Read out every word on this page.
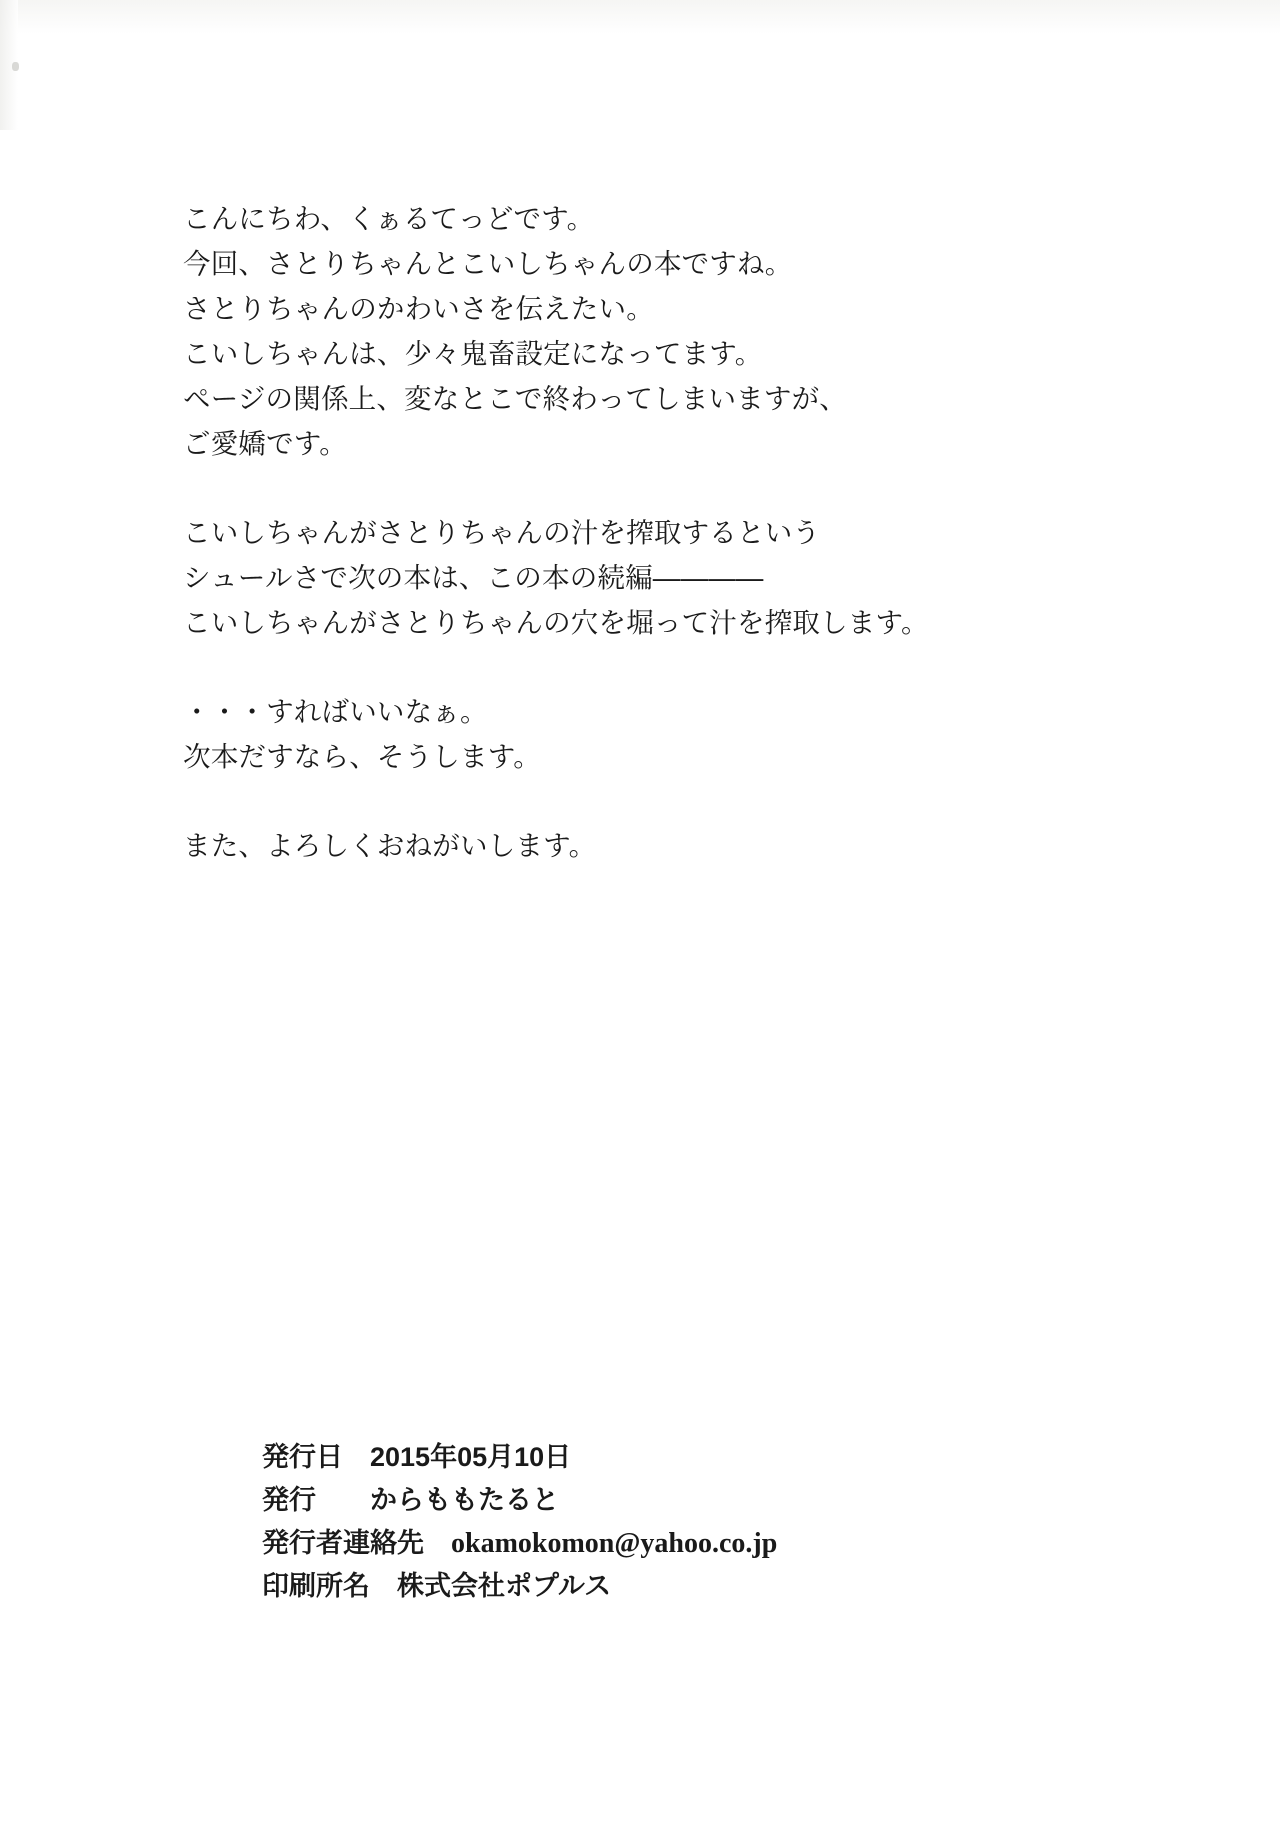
こんにちわ、くぁるてっどです。
今回、さとりちゃんとこいしちゃんの本ですね。
さとりちゃんのかわいさを伝えたい。
こいしちゃんは、少々鬼畜設定になってます。
ページの関係上、変なとこで終わってしまいますが、
ご愛嬌です。
こいしちゃんがさとりちゃんの汁を搾取するという
シュールさで次の本は、この本の続編————
こいしちゃんがさとりちゃんの穴を堀って汁を搾取します。
・・・すればいいなぁ。
次本だすなら、そうします。
また、よろしくおねがいします。
発行日　 2015年05月10日
発行　　 からももたると
発行者連絡先　 okamokomon@yahoo.co.jp
印刷所名　 株式会社ポプルス
